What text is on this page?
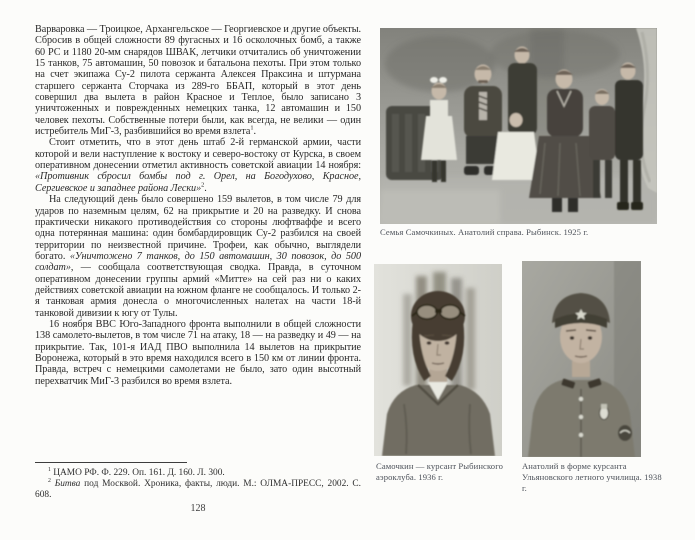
Варваровка — Троицкое, Архангельское — Георгиевское и другие объекты. Сбросив в общей сложности 89 фугасных и 16 осколочных бомб, а также 60 РС и 1180 20-мм снарядов ШВАК, летчики отчитались об уничтожении 15 танков, 75 автомашин, 50 повозок и батальона пехоты. При этом только на счет экипажа Су-2 пилота сержанта Алексея Праксина и штурмана старшего сержанта Сторчака из 289-го ББАП, который в этот день совершил два вылета в район Красное и Теплое, было записано 3 уничтоженных и поврежденных немецких танка, 12 автомашин и 150 человек пехоты. Собственные потери были, как всегда, не велики — один истребитель МиГ-3, разбившийся во время взлета$^1$.

Стоит отметить, что в этот день штаб 2-й германской армии, части которой и вели наступление к востоку и северо-востоку от Курска, в своем оперативном донесении отметил активность советской авиации 14 ноября: «Противник сбросил бомбы под г. Орел, на Богодухово, Красное, Сергиевское и западнее района Лески»$^2$.

На следующий день было совершено 159 вылетов, в том числе 79 для ударов по наземным целям, 62 на прикрытие и 20 на разведку. И снова практически никакого противодействия со стороны люфтваффе и всего одна потерянная машина: один бомбардировщик Су-2 разбился на своей территории по неизвестной причине. Трофеи, как обычно, выглядели богато. «Уничтожено 7 танков, до 150 автомашин, 30 повозок, до 500 солдат», — сообщала соответствующая сводка. Правда, в суточном оперативном донесении группы армий «Митте» на сей раз ни о каких действиях советской авиации на южном фланге не сообщалось. И только 2-я танковая армия донесла о многочисленных налетах на части 18-й танковой дивизии к югу от Тулы.

16 ноября ВВС Юго-Западного фронта выполнили в общей сложности 138 самолето-вылетов, в том числе 71 на атаку, 18 — на разведку и 49 — на прикрытие. Так, 101-я ИАД ПВО выполнила 14 вылетов на прикрытие Воронежа, который в это время находился всего в 150 км от линии фронта. Правда, встреч с немецкими самолетами не было, зато один высотный перехватчик МиГ-3 разбился во время взлета.

$^1$ ЦАМО РФ. Ф. 229. Оп. 161. Д. 160. Л. 300.

$^2$ Битва под Москвой. Хроника, факты, люди. М.: ОЛМА-ПРЕСС, 2002. С. 608.

128
Семья Самочкиных. Анатолий справа. Рыбинск. 1925 г.
Самочкин — курсант Рыбинского аэроклуба. 1936 г.
Анатолий в форме курсанта Ульяновского летного училища. 1938 г.
